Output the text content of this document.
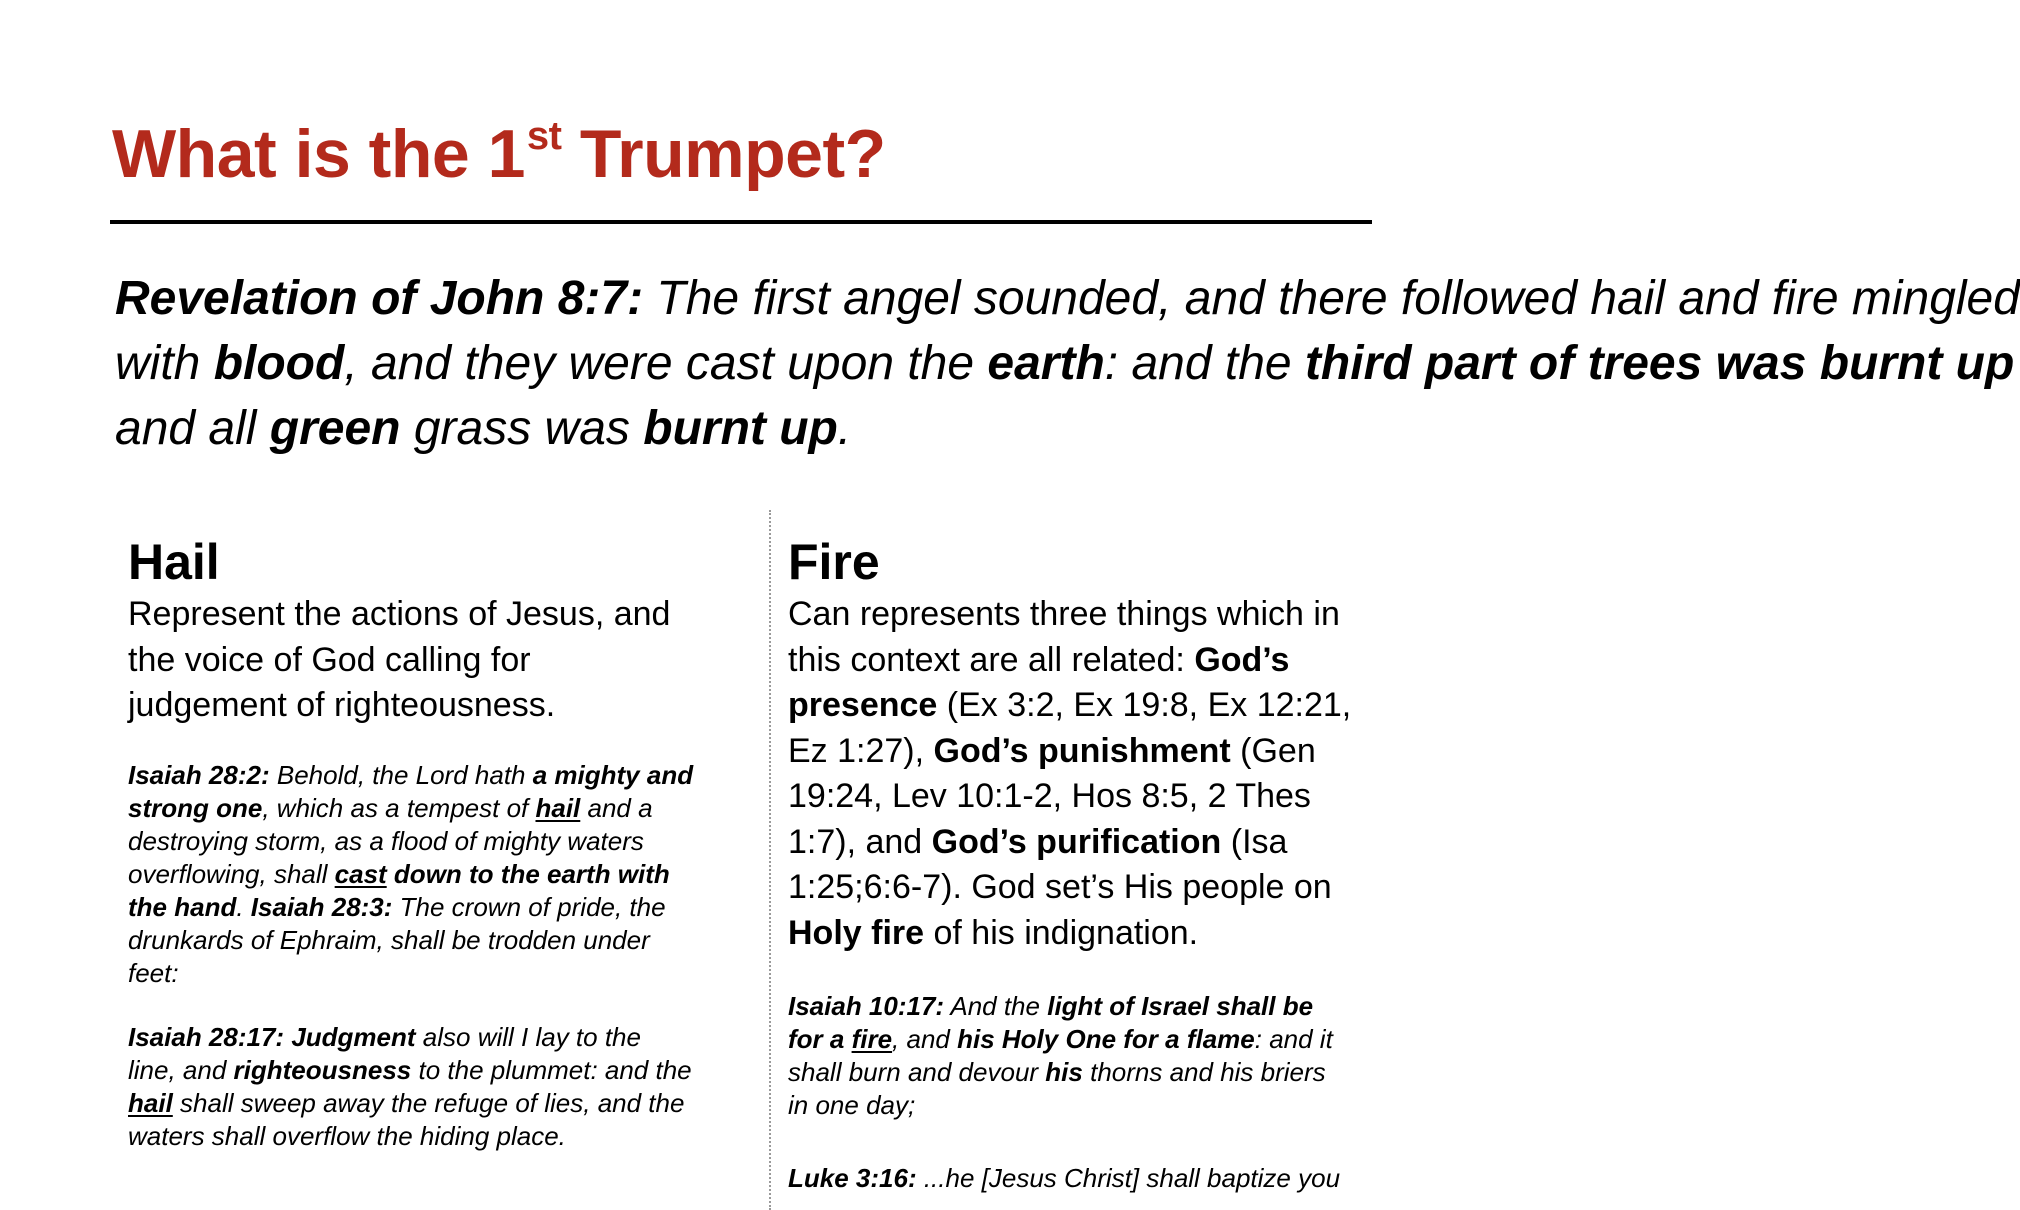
What is the 1st Trumpet?

Revelation of John 8:7: The first angel sounded, and there followed hail and fire mingled
with blood, and they were cast upon the earth: and the third part of trees was burnt up
and all green grass was burnt up.

Hail

Represent the actions of Jesus, and
the voice of God calling for
judgement of righteousness.

Isaiah 28:2: Behold, the Lord hath a mighty and
strong one, which as a tempest of hail and a
destroying storm, as a flood of mighty waters
overflowing, shall cast down to the earth with
the hand. Isaiah 28:3: The crown of pride, the
drunkards of Ephraim, shall be trodden under
feet:

Isaiah 28:17: Judgment also will I lay to the
line, and righteousness to the plummet: and the
hail shall sweep away the refuge of lies, and the
waters shall overflow the hiding place.

Fire

Can represents three things which in
this context are all related: God’s
presence (Ex 3:2, Ex 19:8, Ex 12:21,
Ez 1:27), God’s punishment (Gen
19:24, Lev 10:1-2, Hos 8:5, 2 Thes
1:7), and God’s purification (Isa
1:25;6:6-7). God set’s His people on
Holy fire of his indignation.

Isaiah 10:17: And the light of Israel shall be
for a fire, and his Holy One for a flame: and it
shall burn and devour his thorns and his briers
in one day;

Luke 3:16: ...he [Jesus Christ] shall baptize you
